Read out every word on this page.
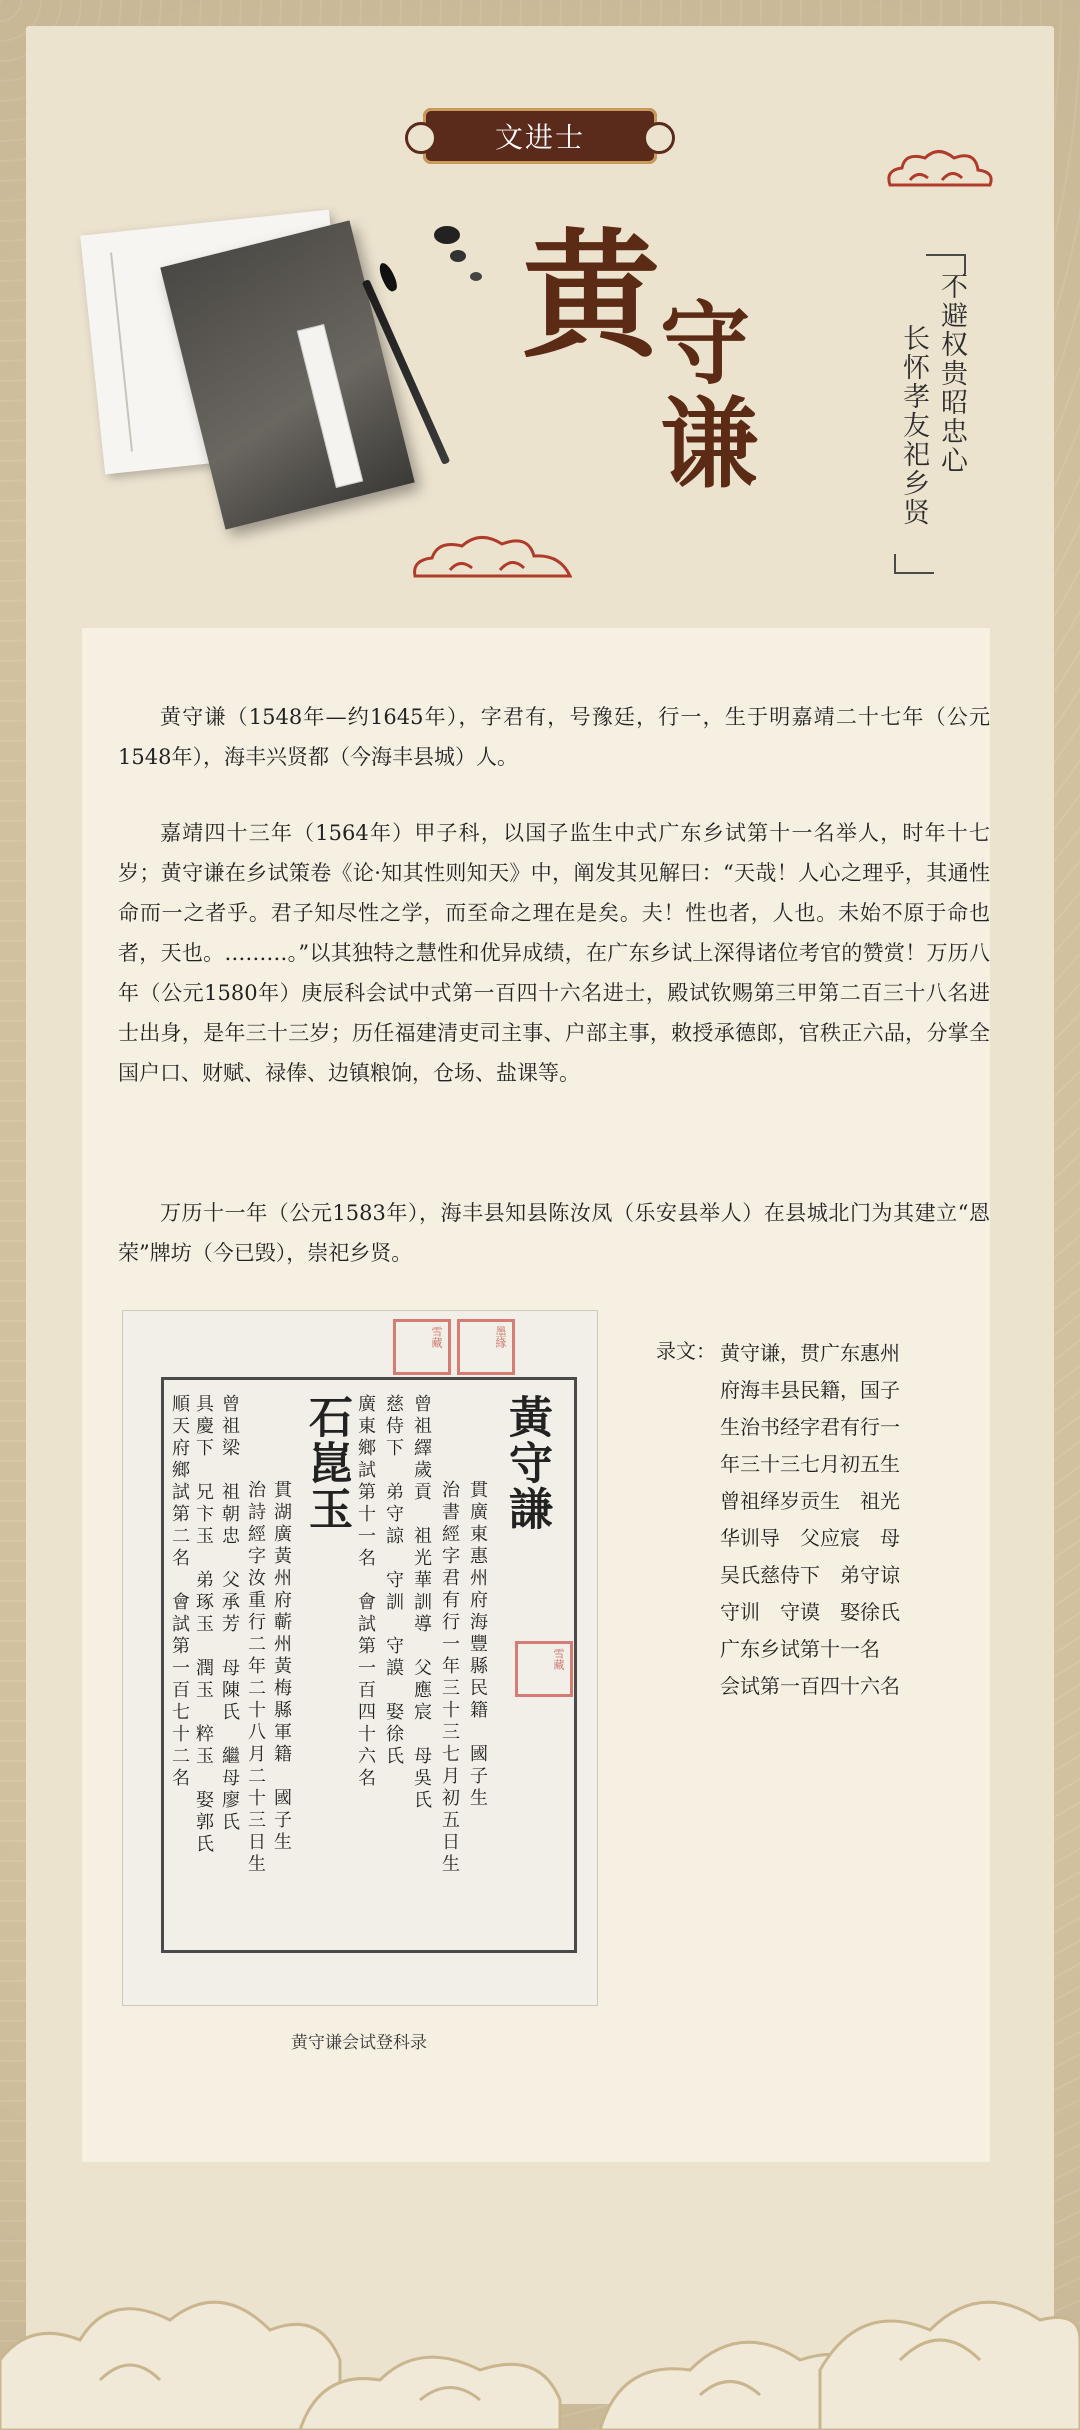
文进士
黄 守
谦	不避权贵昭忠心
长怀孝友祀乡贤

黄守谦（1548年—约1645年），字君有，号豫廷，行一，生于明嘉靖二十七年（公元1548年），海丰兴贤都（今海丰县城）人。

嘉靖四十三年（1564年）甲子科，以国子监生中式广东乡试第十一名举人，时年十七岁；黄守谦在乡试策卷《论·知其性则知天》中，阐发其见解曰：“天哉！人心之理乎，其通性命而一之者乎。君子知尽性之学，而至命之理在是矣。夫！性也者，人也。未始不原于命也者，天也。………。”以其独特之慧性和优异成绩，在广东乡试上深得诸位考官的赞赏！万历八年（公元1580年）庚辰科会试中式第一百四十六名进士，殿试钦赐第三甲第二百三十八名进士出身，是年三十三岁；历任福建清吏司主事、户部主事，敕授承德郎，官秩正六品，分掌全国户口、财赋、禄俸、边镇粮饷，仓场、盐课等。

万历十一年（公元1583年），海丰县知县陈汝凤（乐安县举人）在县城北门为其建立“恩荣”牌坊（今已毁），崇祀乡贤。

黃守謙
貫廣東惠州府海豐縣民籍　國子生
治書經字君有行一年三十三七月初五日生
曾祖繹歲貢　祖光華訓導　父應宸　母吳氏
慈侍下　弟守諒　守訓　守謨　娶徐氏
廣東鄉試第十一名　會試第一百四十六名
石崑玉
貫湖廣黃州府蘄州黃梅縣軍籍　國子生
治詩經字汝重行二年二十八月二十三日生
曾祖梁　祖朝忠　父承芳　母陳氏　繼母廖氏
具慶下　兄卞玉　弟琢玉　潤玉　粹玉　娶郭氏
順天府鄉試第二名　會試第一百七十二名
雪藏	墨緣
雪藏
黄守谦会试登科录
录文： 黄守谦，贯广东惠州
府海丰县民籍，国子
生治书经字君有行一
年三十三七月初五生
曾祖绎岁贡生　祖光
华训导　父应宸　母
吴氏慈侍下　弟守谅
守训　守谟　娶徐氏
广东乡试第十一名
会试第一百四十六名
